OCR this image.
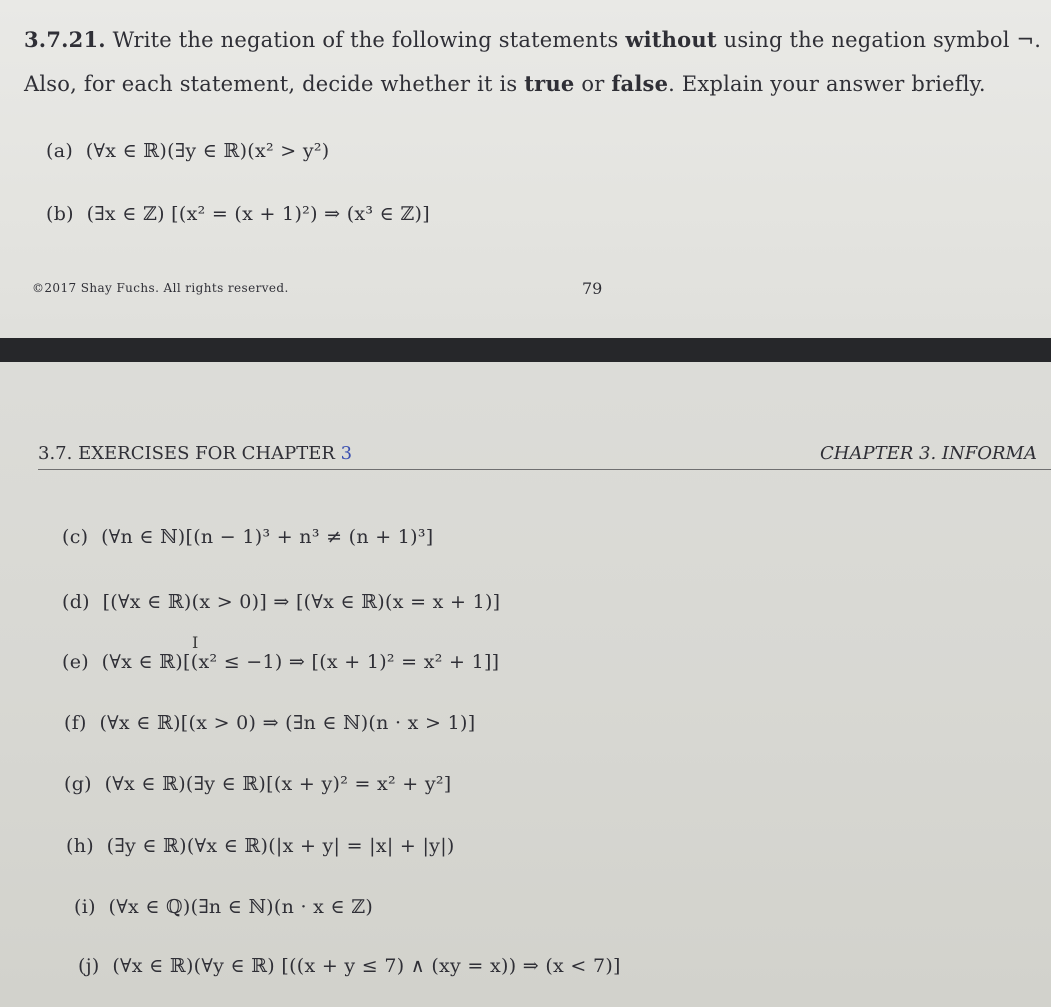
3.7.21. Write the negation of the following statements without using the negation symbol ¬.
Also, for each statement, decide whether it is true or false. Explain your answer briefly.
(a) (∀x ∈ ℝ)(∃y ∈ ℝ)(x² > y²)
(b) (∃x ∈ ℤ) [(x² = (x + 1)²) ⇒ (x³ ∈ ℤ)]
©2017 Shay Fuchs. All rights reserved.	79
3.7. EXERCISES FOR CHAPTER 3	CHAPTER 3. INFORMA
(c) (∀n ∈ ℕ)[(n − 1)³ + n³ ≠ (n + 1)³]
(d) [(∀x ∈ ℝ)(x > 0)] ⇒ [(∀x ∈ ℝ)(x = x + 1)]
(e) (∀x ∈ ℝ)[(x² ≤ −1) ⇒ [(x + 1)² = x² + 1]]
(f) (∀x ∈ ℝ)[(x > 0) ⇒ (∃n ∈ ℕ)(n · x > 1)]
(g) (∀x ∈ ℝ)(∃y ∈ ℝ)[(x + y)² = x² + y²]
(h) (∃y ∈ ℝ)(∀x ∈ ℝ)(|x + y| = |x| + |y|)
(i) (∀x ∈ ℚ)(∃n ∈ ℕ)(n · x ∈ ℤ)
(j) (∀x ∈ ℝ)(∀y ∈ ℝ) [((x + y ≤ 7) ∧ (xy = x)) ⇒ (x < 7)]
I
